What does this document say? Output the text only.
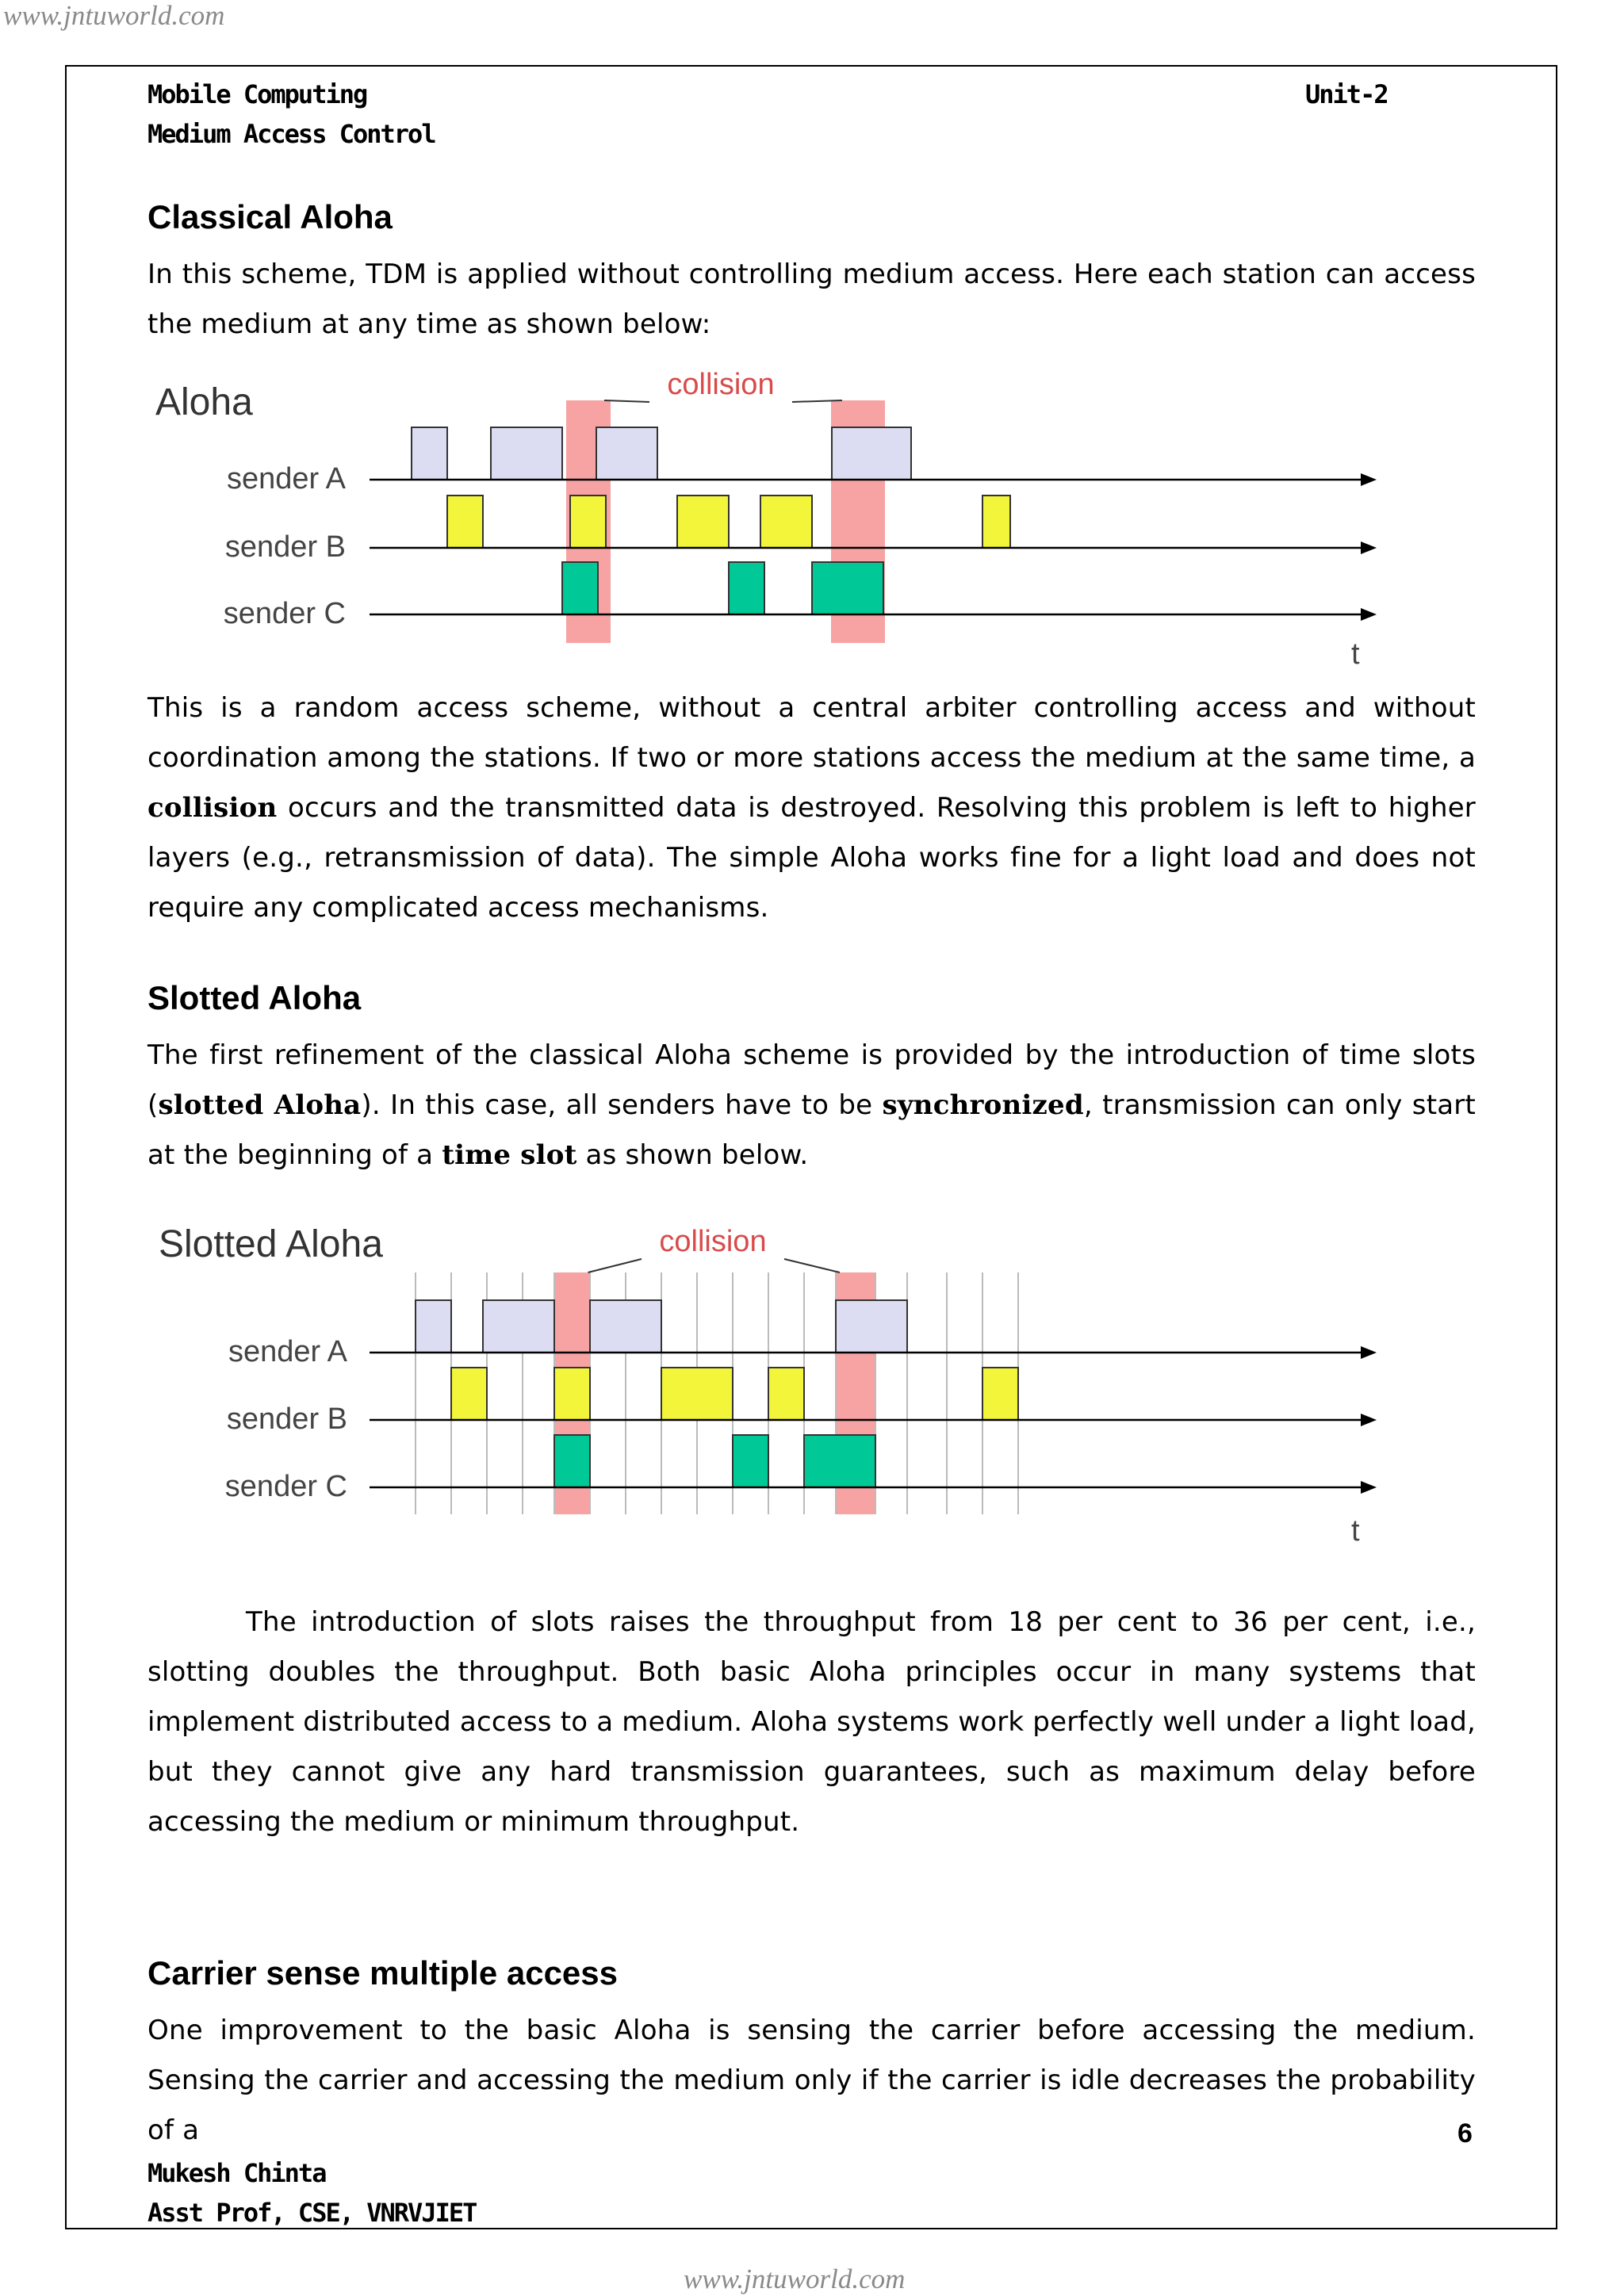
www.jntuworld.com
Mobile Computing
Medium Access Control
Unit-2
Classical Aloha

In this scheme, TDM is applied without controlling medium access. Here each station can access the medium at any time as shown below:

Aloha	collision
sender A
sender B
sender C
t

This is a random access scheme, without a central arbiter controlling access and without coordination among the stations. If two or more stations access the medium at the same time, a collision occurs and the transmitted data is destroyed. Resolving this problem is left to higher layers (e.g., retransmission of data). The simple Aloha works fine for a light load and does not require any complicated access mechanisms.

Slotted Aloha

The first refinement of the classical Aloha scheme is provided by the introduction of time slots (slotted Aloha). In this case, all senders have to be synchronized, transmission can only start at the beginning of a time slot as shown below.

Slotted Aloha	collision
sender A
sender B
sender C
t

The introduction of slots raises the throughput from 18 per cent to 36 per cent, i.e., slotting doubles the throughput. Both basic Aloha principles occur in many systems that implement distributed access to a medium. Aloha systems work perfectly well under a light load, but they cannot give any hard transmission guarantees, such as maximum delay before accessing the medium or minimum throughput.

Carrier sense multiple access

One improvement to the basic Aloha is sensing the carrier before accessing the medium. Sensing the carrier and accessing the medium only if the carrier is idle decreases the probability of a	6
Mukesh Chinta
Asst Prof, CSE, VNRVJIET
www.jntuworld.com
